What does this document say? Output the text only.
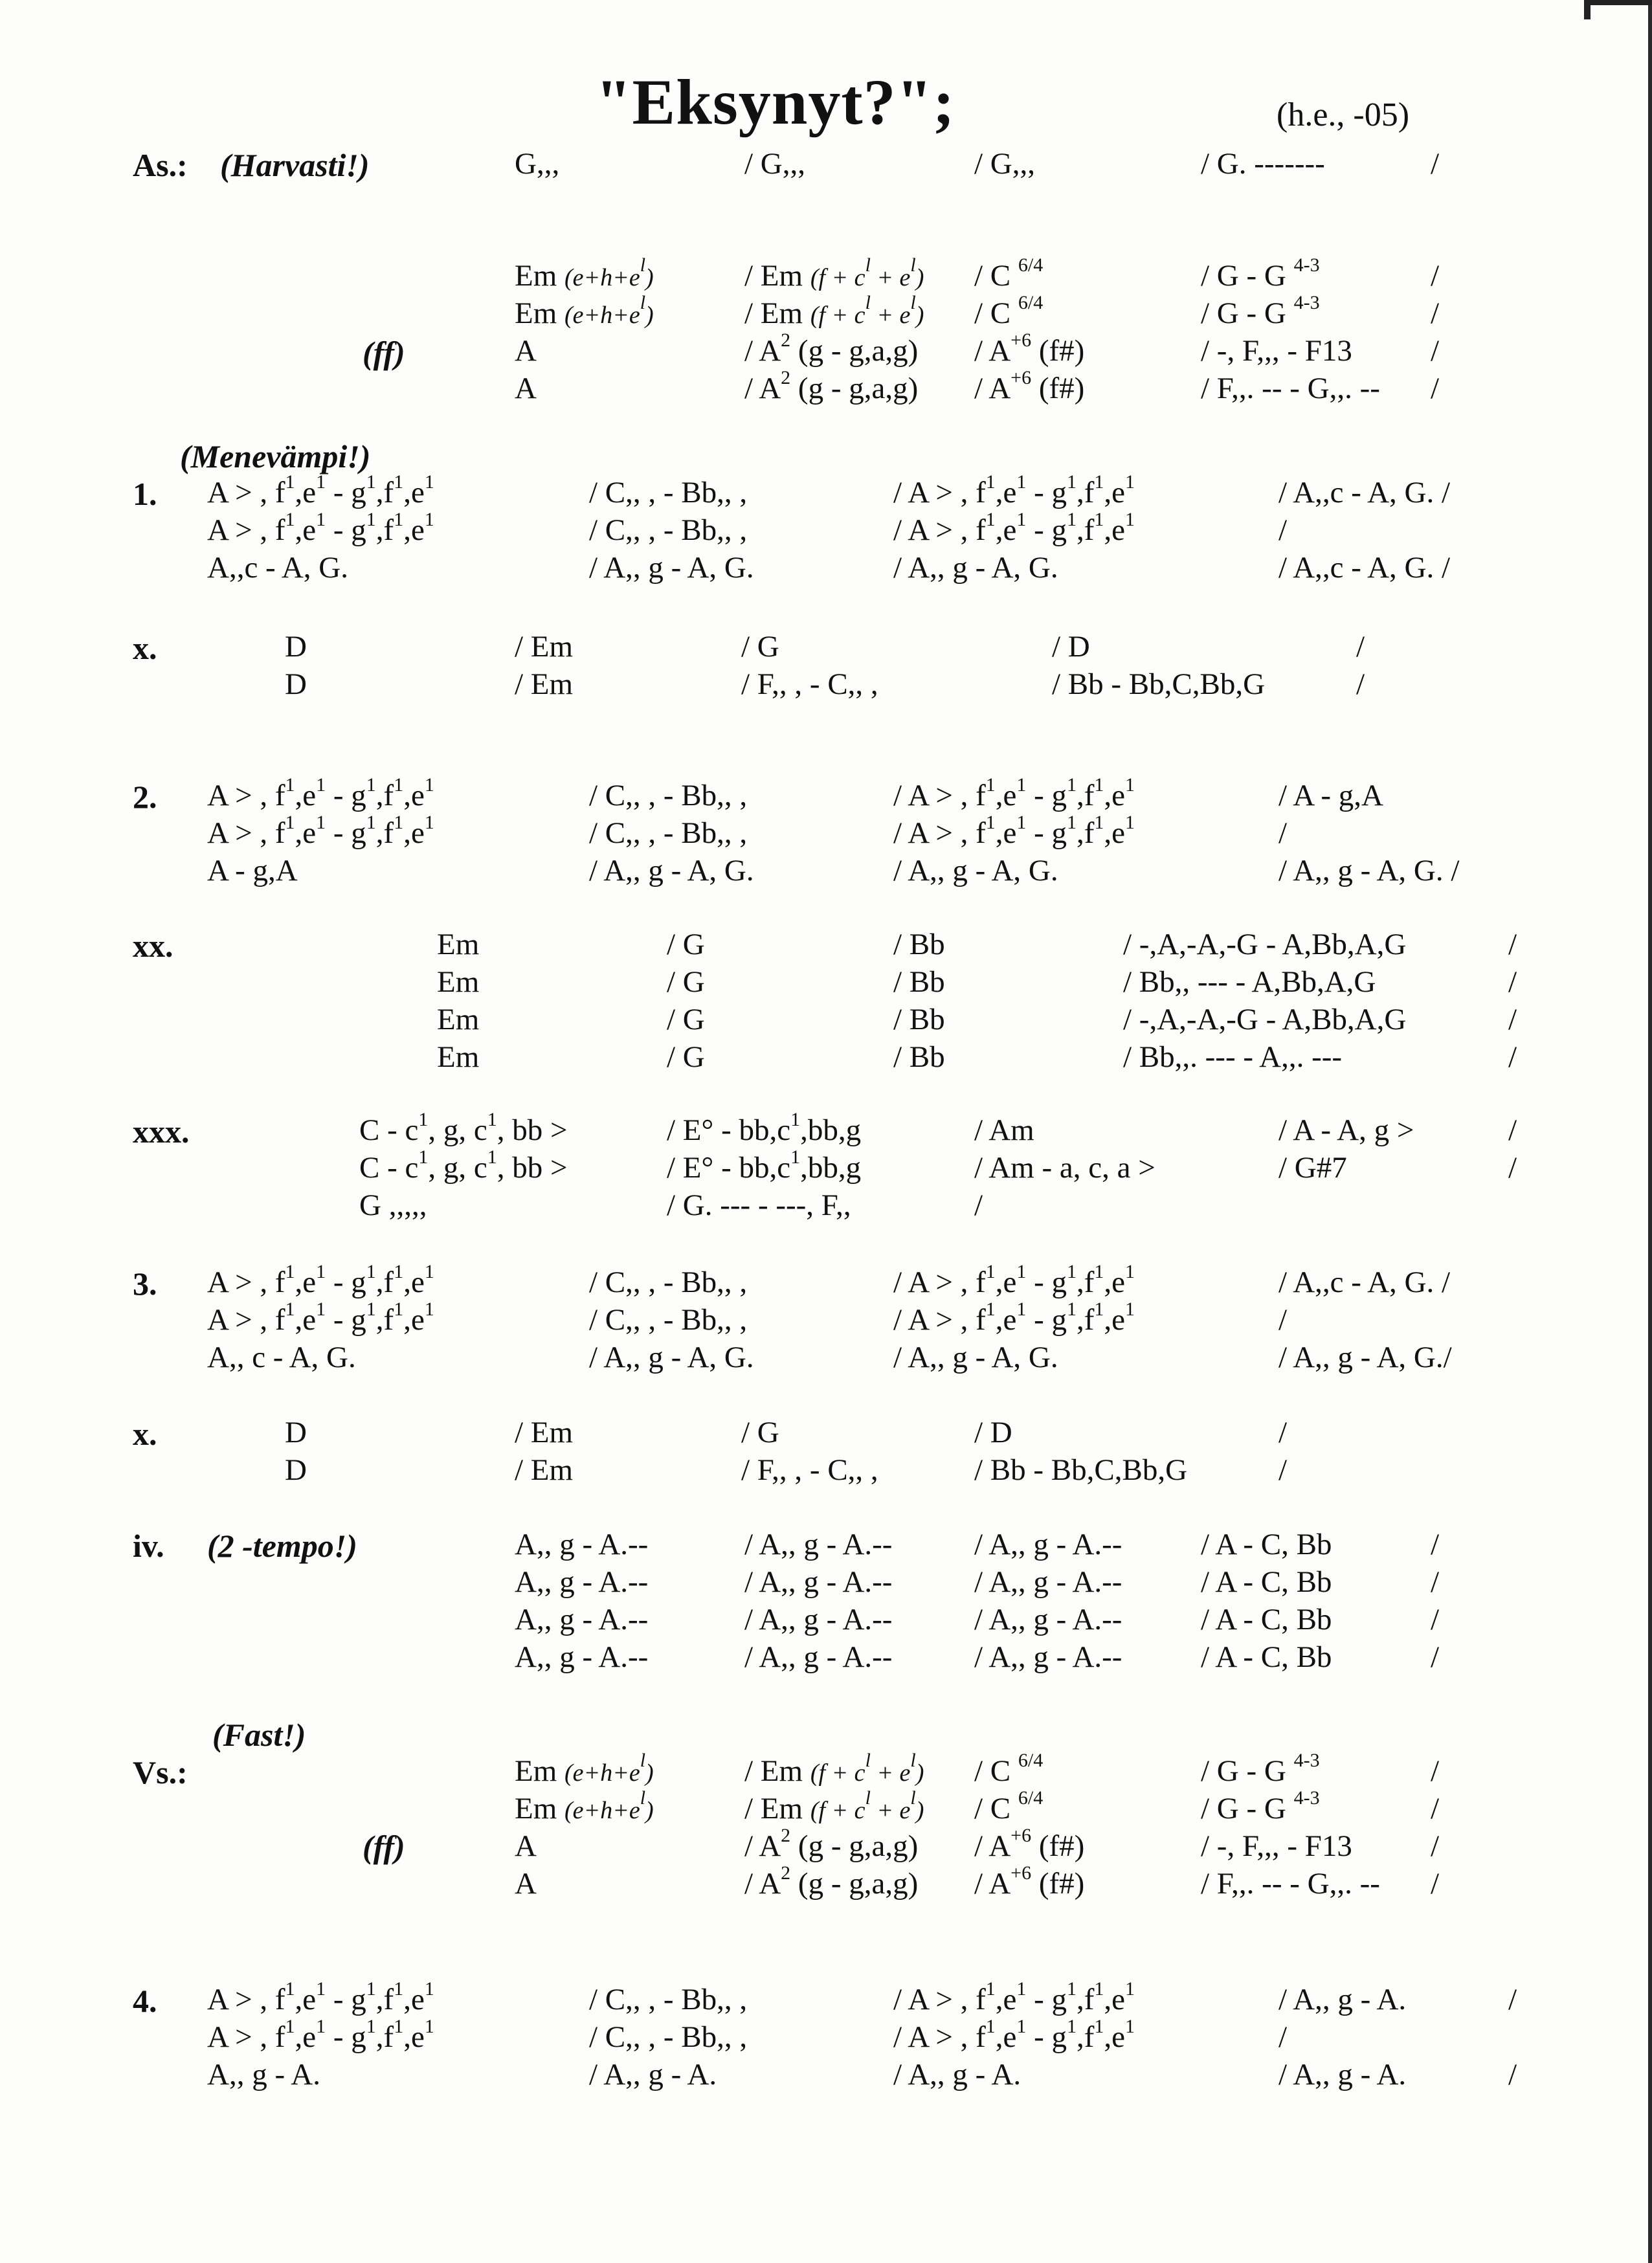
"Eksynyt?";	(h.e., -05)
As.: (Harvasti!)	G,,,	/ G,,,	/ G,,,	/ G. -------	/
(ff)
Em $(e+h+e^l)$	/ Em $(f + c^l + e^l) / C$ $^{6/4}$	/ G - G $^{4-3}$	/
Em $(e+h+e^l)$	/ Em $(f + c^l + e^l) / C$ $^{6/4}$	/ G - G $^{4-3}$	/
A	/ $A^2$ $(g - g,a,g) / A^{+6}$ (f#)	/ -, F,,, - F13	/
A	/ $A^2$ $(g - g,a,g) / A^{+6}$ (f#)	/ F,,. -- - G,,. -- /
1.
(Menevämpi!)
A > , $f^1,e^1 - g^1,f^1,e^1$	/ C,, , - Bb,, ,	/ A > , $f^1,e^1 - g^1,f^1,e^1$	/ A,,c - A, G. /
A > , $f^1,e^1 - g^1,f^1,e^1$	/ C,, , - Bb,, ,	/ A > , $f^1,e^1 - g^1,f^1,e^1$	/
A,,c - A, G.	/ A,, g - A, G.	/ A,, g - A, G.	/ A,,c - A, G. /
x.	D	/ Em	/ G	/ D	/
D	/ Em	/ F,, , - C,, ,	/ Bb - Bb,C,Bb,G	/
2. A > , $f^1,e^1 - g^1,f^1,e^1$	/ C,, , - Bb,, ,	/ A > , $f^1,e^1 - g^1,f^1,e^1$	/ A - g,A
A > , $f^1,e^1 - g^1,f^1,e^1$	/ C,, , - Bb,, ,	/ A > , $f^1,e^1 - g^1,f^1,e^1$	/
A - g,A	/ A,, g - A, G.	/ A,, g - A, G.	/ A,, g - A, G. /
xx.	Em	/ G	/ Bb	/ -,A,-A,-G - A,Bb,A,G	/
Em	/ G	/ Bb	/ Bb,, --- - A,Bb,A,G	/
Em	/ G	/ Bb	/ -,A,-A,-G - A,Bb,A,G	/
Em	/ G	/ Bb	/ Bb,,. --- - A,,. ---	/
xxx.	C - $c^1$, g, $c^1$, bb >	/ $E^\circ - bb,c^1,bb,g$	/ Am	/ A - A, g >	/
C - $c^1$, g, $c^1$, bb >	/ $E^\circ - bb,c^1,bb,g$	/ Am - a, c, a >	/ G#7	/
G ,,,,,	/ G. --- - ---, F,,	/
3. A > , $f^1,e^1 - g^1,f^1,e^1$	/ C,, , - Bb,, ,	/ A > , $f^1,e^1 - g^1,f^1,e^1$	/ A,,c - A, G. /
A > , $f^1,e^1 - g^1,f^1,e^1$	/ C,, , - Bb,, ,	/ A > , $f^1,e^1 - g^1,f^1,e^1$	/
A,, c - A, G.	/ A,, g - A, G.	/ A,, g - A, G.	/ A,, g - A, G./
x.	D	/ Em	/ G	/ D	/
D	/ Em	/ F,, , - C,, ,	/ Bb - Bb,C,Bb,G	/
iv. (2 -tempo!)	A,, g - A.--	/ A,, g - A.--	/ A,, g - A.--	/ A - C, Bb	/
A,, g - A.--	/ A,, g - A.--	/ A,, g - A.--	/ A - C, Bb	/
A,, g - A.--	/ A,, g - A.--	/ A,, g - A.--	/ A - C, Bb	/
A,, g - A.--	/ A,, g - A.--	/ A,, g - A.--	/ A - C, Bb	/
Vs.:
(Fast!)
(ff)
Em $(e+h+e^l)$	/ Em $(f + c^l + e^l) / C$ $^{6/4}$	/ G - G $^{4-3}$	/
Em $(e+h+e^l)$	/ Em $(f + c^l + e^l) / C$ $^{6/4}$	/ G - G $^{4-3}$	/
A	/ $A^2$ $(g - g,a,g) / A^{+6}$ (f#)	/ -, F,,, - F13	/
A	/ $A^2$ $(g - g,a,g) / A^{+6}$ (f#)	/ F,,. -- - G,,. -- /
4. A > , $f^1,e^1 - g^1,f^1,e^1$	/ C,, , - Bb,, ,	/ A > , $f^1,e^1 - g^1,f^1,e^1$	/ A,, g - A.	/
A > , $f^1,e^1 - g^1,f^1,e^1$	/ C,, , - Bb,, ,	/ A > , $f^1,e^1 - g^1,f^1,e^1$	/
A,, g - A.	/ A,, g - A.	/ A,, g - A.	/ A,, g - A.	/
